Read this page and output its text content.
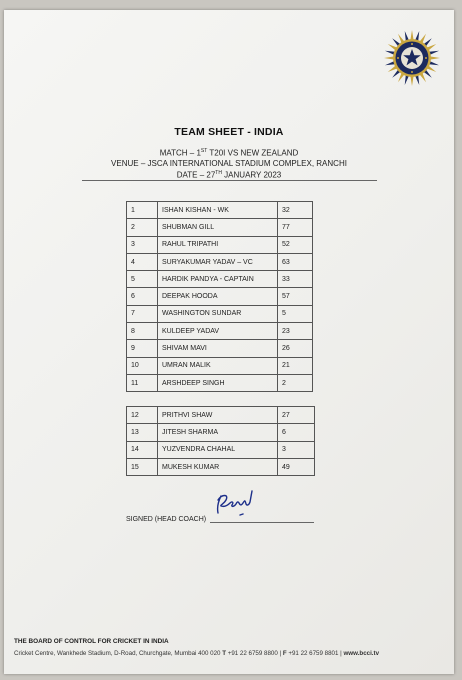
TEAM SHEET - INDIA
MATCH – 1ST T20I VS NEW ZEALAND
VENUE – JSCA INTERNATIONAL STADIUM COMPLEX, RANCHI
DATE – 27TH JANUARY 2023
1	ISHAN KISHAN - WK	32
2	SHUBMAN GILL	77
3	RAHUL TRIPATHI	52
4	SURYAKUMAR YADAV – VC	63
5	HARDIK PANDYA - CAPTAIN	33
6	DEEPAK HOODA	57
7	WASHINGTON SUNDAR	5
8	KULDEEP YADAV	23
9	SHIVAM MAVI	26
10	UMRAN MALIK	21
11	ARSHDEEP SINGH	2
12	PRITHVI SHAW	27
13	JITESH SHARMA	6
14	YUZVENDRA CHAHAL	3
15	MUKESH KUMAR	49
SIGNED (HEAD COACH)
THE BOARD OF CONTROL FOR CRICKET IN INDIA
Cricket Centre, Wankhede Stadium, D-Road, Churchgate, Mumbai 400 020 T +91 22 6759 8800 | F +91 22 6759 8801 | www.bcci.tv
